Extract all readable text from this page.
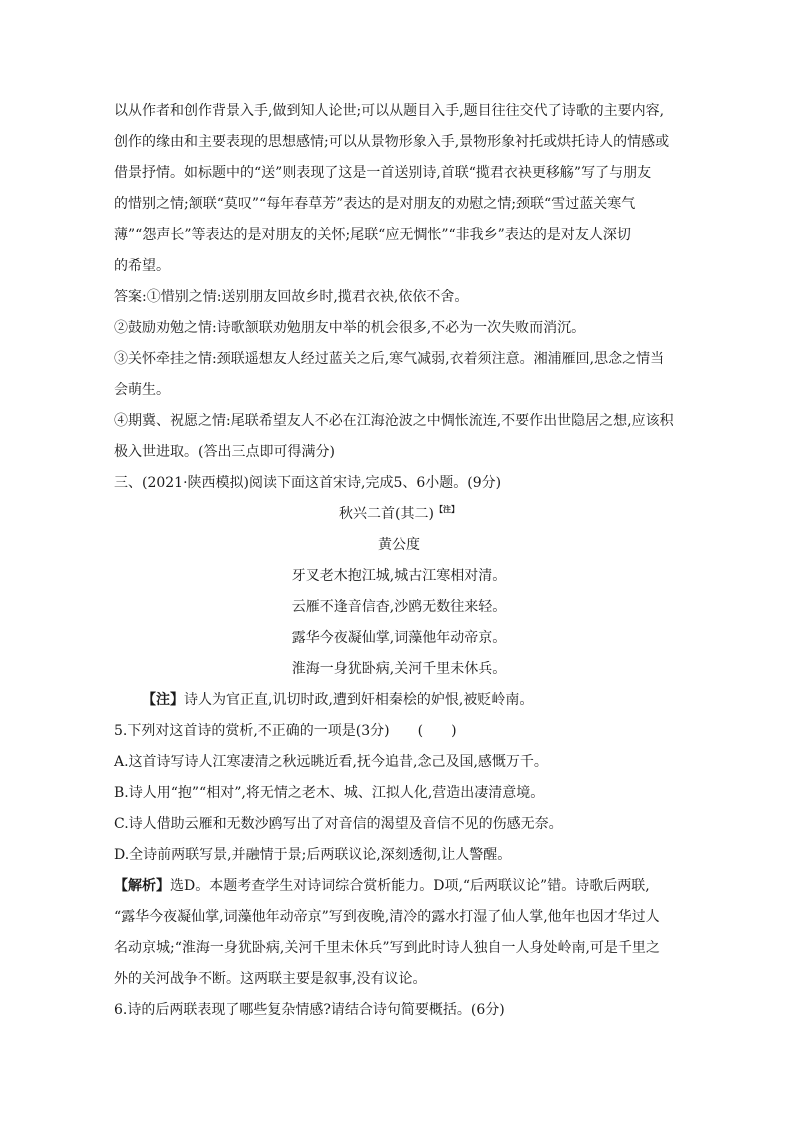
以从作者和创作背景入手,做到知人论世;可以从题目入手,题目往往交代了诗歌的主要内容,
创作的缘由和主要表现的思想感情;可以从景物形象入手,景物形象衬托或烘托诗人的情感或
借景抒情。如标题中的“送”则表现了这是一首送别诗,首联“揽君衣袂更移觞”写了与朋友
的惜别之情;颔联“莫叹”“每年春草芳”表达的是对朋友的劝慰之情;颈联“雪过蓝关寒气
薄”“怨声长”等表达的是对朋友的关怀;尾联“应无惆怅”“非我乡”表达的是对友人深切
的希望。

答案:①惜别之情:送别朋友回故乡时,揽君衣袂,依依不舍。

②鼓励劝勉之情:诗歌颔联劝勉朋友中举的机会很多,不必为一次失败而消沉。

③关怀牵挂之情:颈联遥想友人经过蓝关之后,寒气减弱,衣着须注意。湘浦雁回,思念之情当
会萌生。

④期冀、祝愿之情:尾联希望友人不必在江海沧波之中惆怅流连,不要作出世隐居之想,应该积
极入世进取。(答出三点即可得满分)

三、(2021·陕西模拟)阅读下面这首宋诗,完成5、6小题。(9分)

秋兴二首(其二)【注】
黄公度
牙叉老木抱江城,城古江寒相对清。
云雁不逢音信杳,沙鸥无数往来轻。
露华今夜凝仙掌,词藻他年动帝京。
淮海一身犹卧病,关河千里未休兵。

【注】诗人为官正直,讥切时政,遭到奸相秦桧的妒恨,被贬岭南。

5.下列对这首诗的赏析,不正确的一项是(3分)　　(　　)
A.这首诗写诗人江寒凄清之秋远眺近看,抚今追昔,念己及国,感慨万千。
B.诗人用“抱”“相对”,将无情之老木、城、江拟人化,营造出凄清意境。
C.诗人借助云雁和无数沙鸥写出了对音信的渴望及音信不见的伤感无奈。
D.全诗前两联写景,并融情于景;后两联议论,深刻透彻,让人警醒。

【解析】选D。本题考查学生对诗词综合赏析能力。D项,“后两联议论”错。诗歌后两联,
“露华今夜凝仙掌,词藻他年动帝京”写到夜晚,清冷的露水打湿了仙人掌,他年也因才华过人
名动京城;“淮海一身犹卧病,关河千里未休兵”写到此时诗人独自一人身处岭南,可是千里之
外的关河战争不断。这两联主要是叙事,没有议论。

6.诗的后两联表现了哪些复杂情感?请结合诗句简要概括。(6分)
